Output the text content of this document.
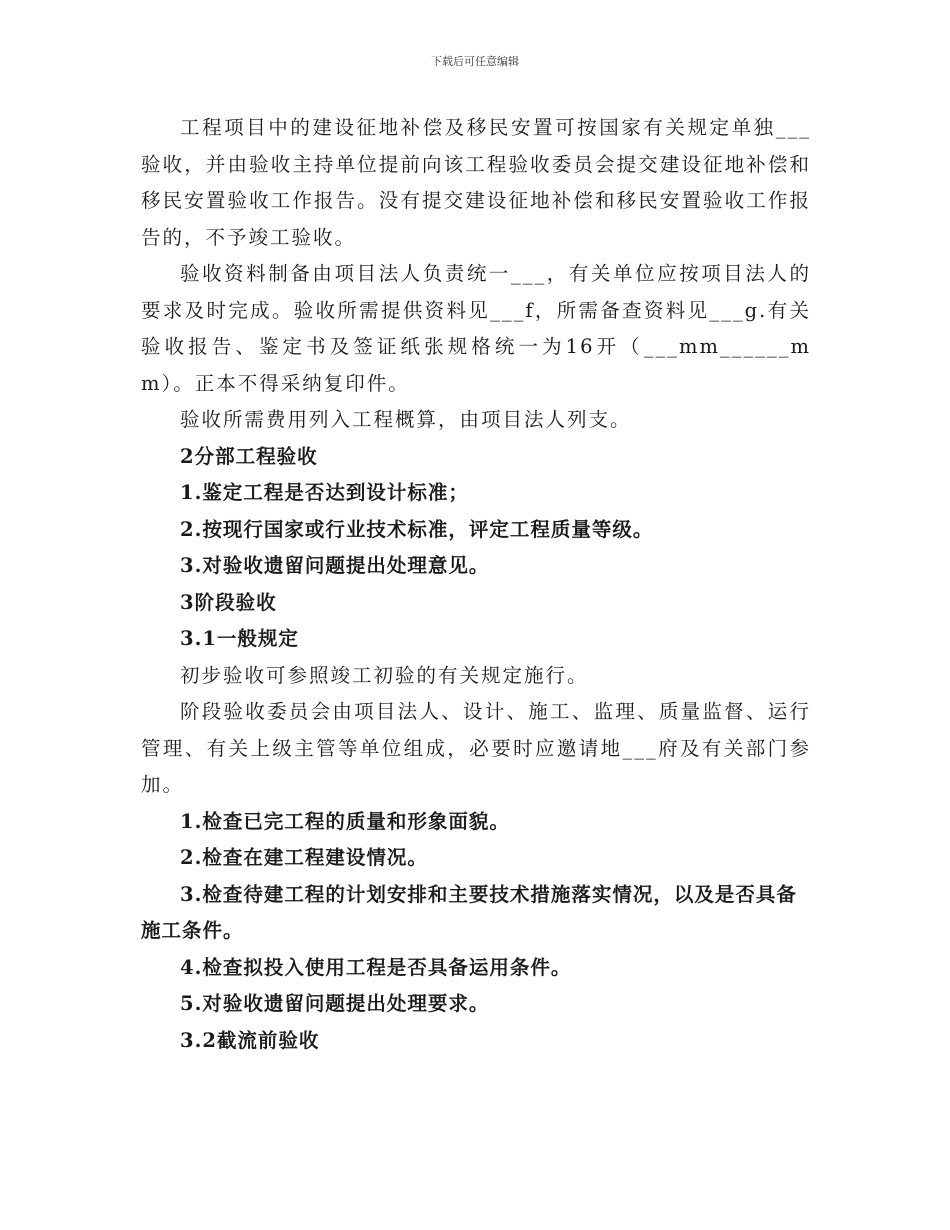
下载后可任意编辑

工程项目中的建设征地补偿及移民安置可按国家有关规定单独___验收，并由验收主持单位提前向该工程验收委员会提交建设征地补偿和移民安置验收工作报告。没有提交建设征地补偿和移民安置验收工作报告的，不予竣工验收。

验收资料制备由项目法人负责统一___，有关单位应按项目法人的要求及时完成。验收所需提供资料见___f，所需备查资料见___g.有关验收报告、鉴定书及签证纸张规格统一为16开（___mm______mm）。正本不得采纳复印件。

验收所需费用列入工程概算，由项目法人列支。

2分部工程验收

1.鉴定工程是否达到设计标准；

2.按现行国家或行业技术标准，评定工程质量等级。

3.对验收遗留问题提出处理意见。

3阶段验收

3.1一般规定

初步验收可参照竣工初验的有关规定施行。

阶段验收委员会由项目法人、设计、施工、监理、质量监督、运行管理、有关上级主管等单位组成，必要时应邀请地___府及有关部门参加。

1.检查已完工程的质量和形象面貌。

2.检查在建工程建设情况。

3.检查待建工程的计划安排和主要技术措施落实情况，以及是否具备施工条件。

4.检查拟投入使用工程是否具备运用条件。

5.对验收遗留问题提出处理要求。

3.2截流前验收
